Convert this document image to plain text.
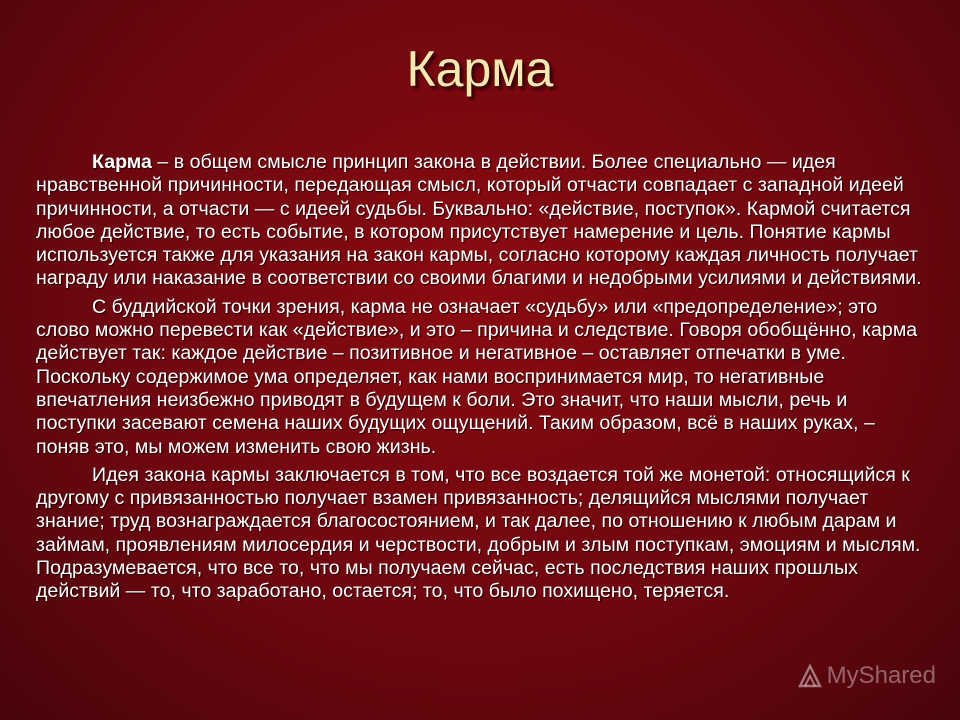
Карма

Карма – в общем смысле принцип закона в действии. Более специально — идея нравственной причинности, передающая смысл, который отчасти совпадает с западной идеей причинности, а отчасти — с идеей судьбы. Буквально: «действие, поступок». Кармой считается любое действие, то есть событие, в котором присутствует намерение и цель. Понятие кармы используется также для указания на закон кармы, согласно которому каждая личность получает награду или наказание в соответствии со своими благими и недобрыми усилиями и действиями.

С буддийской точки зрения, карма не означает «судьбу» или «предопределение»; это слово можно перевести как «действие», и это – причина и следствие. Говоря обобщённо, карма действует так: каждое действие – позитивное и негативное – оставляет отпечатки в уме. Поскольку содержимое ума определяет, как нами воспринимается мир, то негативные впечатления неизбежно приводят в будущем к боли. Это значит, что наши мысли, речь и поступки засевают семена наших будущих ощущений. Таким образом, всё в наших руках, – поняв это, мы можем изменить свою жизнь.

Идея закона кармы заключается в том, что все воздается той же монетой: относящийся к другому с привязанностью получает взамен привязанность; делящийся мыслями получает знание; труд вознаграждается благосостоянием, и так далее, по отношению к любым дарам и займам, проявлениям милосердия и черствости, добрым и злым поступкам, эмоциям и мыслям. Подразумевается, что все то, что мы получаем сейчас, есть последствия наших прошлых действий — то, что заработано, остается; то, что было похищено, теряется.

MyShared
